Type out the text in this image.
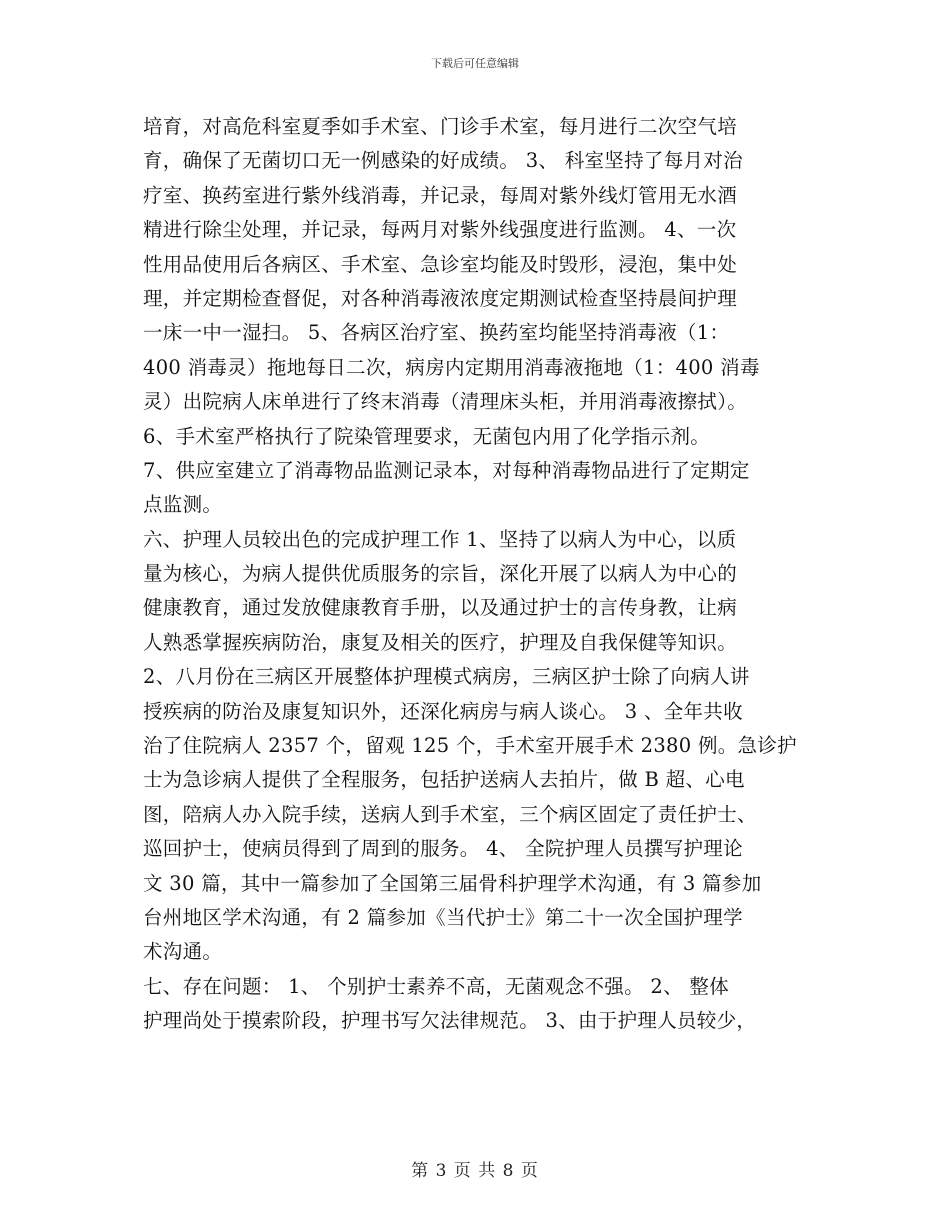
下载后可任意编辑
培育，对高危科室夏季如手术室、门诊手术室，每月进行二次空气培
育，确保了无菌切口无一例感染的好成绩。 3、 科室坚持了每月对治
疗室、换药室进行紫外线消毒，并记录，每周对紫外线灯管用无水酒
精进行除尘处理，并记录，每两月对紫外线强度进行监测。 4、一次
性用品使用后各病区、手术室、急诊室均能及时毁形，浸泡，集中处
理，并定期检查督促，对各种消毒液浓度定期测试检查坚持晨间护理
一床一中一湿扫。 5、各病区治疗室、换药室均能坚持消毒液（1：
400 消毒灵）拖地每日二次，病房内定期用消毒液拖地（1：400 消毒
灵）出院病人床单进行了终末消毒（清理床头柜，并用消毒液擦拭）。
6、手术室严格执行了院染管理要求，无菌包内用了化学指示剂。
7、供应室建立了消毒物品监测记录本，对每种消毒物品进行了定期定
点监测。
六、护理人员较出色的完成护理工作 1、坚持了以病人为中心，以质
量为核心，为病人提供优质服务的宗旨，深化开展了以病人为中心的
健康教育，通过发放健康教育手册，以及通过护士的言传身教，让病
人熟悉掌握疾病防治，康复及相关的医疗，护理及自我保健等知识。
2、八月份在三病区开展整体护理模式病房，三病区护士除了向病人讲
授疾病的防治及康复知识外，还深化病房与病人谈心。 3 、全年共收
治了住院病人 2357 个，留观 125 个，手术室开展手术 2380 例。急诊护
士为急诊病人提供了全程服务，包括护送病人去拍片，做 B 超、心电
图，陪病人办入院手续，送病人到手术室，三个病区固定了责任护士、
巡回护士，使病员得到了周到的服务。 4、 全院护理人员撰写护理论
文 30 篇，其中一篇参加了全国第三届骨科护理学术沟通，有 3 篇参加
台州地区学术沟通，有 2 篇参加《当代护士》第二十一次全国护理学
术沟通。
七、存在问题： 1、 个别护士素养不高，无菌观念不强。 2、 整体
护理尚处于摸索阶段，护理书写欠法律规范。 3、由于护理人员较少，
第 3 页 共 8 页
